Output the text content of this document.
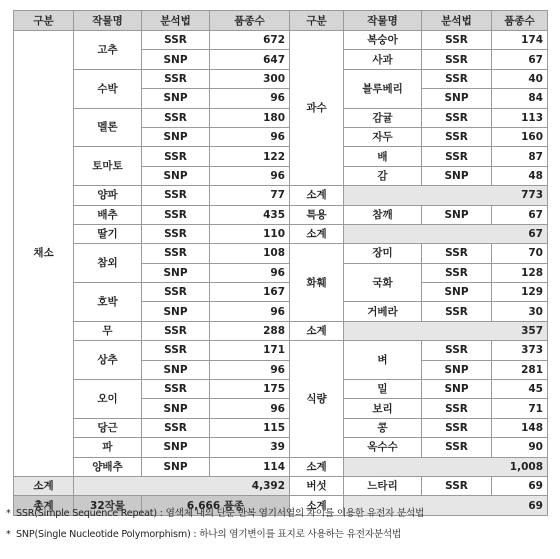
구분	작물명	분석법	품종수	구분	작물명	분석법	품종수
채소	고추	SSR	672	과수	복숭아	SSR	174
		SNP	647		사과	SSR	67
	수박	SSR	300		블루베리	SSR	40
		SNP	96			SNP	84
	멜론	SSR	180		감귤	SSR	113
		SNP	96		자두	SSR	160
	토마토	SSR	122		배	SSR	87
		SNP	96		감	SNP	48
	양파	SSR	77	소계	773		
	배추	SSR	435	특용	참깨	SNP	67
	딸기	SSR	110	소계	67		
	참외	SSR	108	화훼	장미	SSR	70
		SNP	96		국화	SSR	128
	호박	SSR	167			SNP	129
		SNP	96		거베라	SSR	30
	무	SSR	288	소계	357		
	상추	SSR	171	식량	벼	SSR	373
		SNP	96			SNP	281
	오이	SSR	175		밀	SNP	45
		SNP	96		보리	SSR	71
	당근	SSR	115		콩	SSR	148
	파	SNP	39		옥수수	SSR	90
	양배추	SNP	114	소계	1,008		
소계	4,392			버섯	느타리	SSR	69
총계	32작물	6,666 품종		소계	69		
* SSR(Simple Sequence Repeat) : 염색체 내의 단순 반복 염기서열의 차이를 이용한 유전자 분석법
* SNP(Single Nucleotide Polymorphism) : 하나의 염기변이를 표지로 사용하는 유전자분석법
